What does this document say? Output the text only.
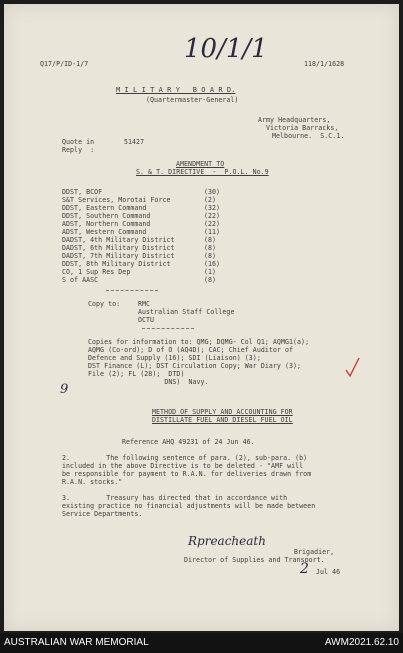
Q17/P/ID-1/7	10/1/1	118/1/1628
M I L I T A R Y   B O A R D.
(Quartermaster-General)
Army Headquarters,
Victoria Barracks,
Melbourne.  S.C.1.
Quote in
Reply  :
51427
AMENDMENT TO
S. & T. DIRECTIVE  -  P.O.L. No.9
DDST, BCOF	(30)
S&T Services, Morotai Force	(2)
DDST, Eastern Command	(32)
DDST, Southern Command	(22)
ADST, Northern Command	(22)
ADST, Western Command	(11)
DADST, 4th Military District	(8)
DADST, 6th Military District	(8)
DADST, 7th Military District	(8)
DDST, 8th Military District	(16)
CO, 1 Sup Res Dep	(1)
S of AASC	(8)
Copy to:	RMC
Australian Staff College
OCTU
Copies for information to: QMG; DQMG- Col Q1; AQMG1(a);
AQMG (Co-ord); D of O (AQ4D); CAC; Chief Auditor of
Defence and Supply (16); SDI (Liaison) (3);
DST Finance (L); DST Circulation Copy; War Diary (3);
File (2); FL (28);  DTD)
DNS)  Navy.
9
METHOD OF SUPPLY AND ACCOUNTING FOR
DISTILLATE FUEL AND DIESEL FUEL OIL
Reference AHQ 49231 of 24 Jun 46.
2.         The following sentence of para. (2), sub-para. (b)
included in the above Directive is to be deleted - "AMF will
be responsible for payment to R.A.N. for deliveries drawn from
R.A.N. stocks."
3.         Treasury has directed that in accordance with
existing practice no financial adjustments will be made between
Service Departments.
Rpreacheath
Brigadier,
Director of Supplies and Transport.
2 Jul 46
AUSTRALIAN WAR MEMORIAL	AWM2021.62.10
